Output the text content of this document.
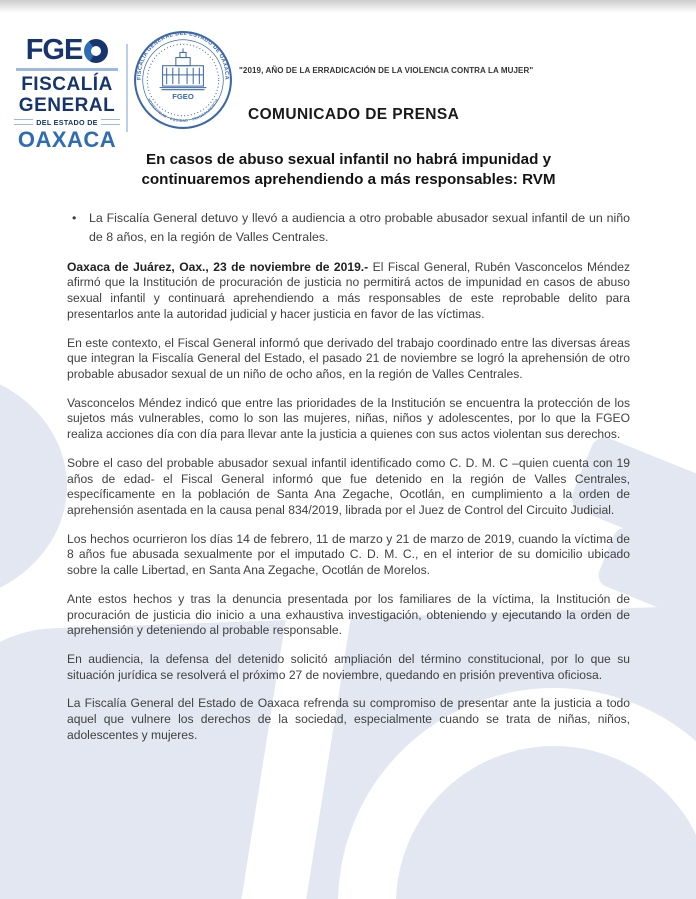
FGE
FISCALÍA
GENERAL
DEL ESTADO DE
OAXACA
FISCALÍA GENERAL DEL ESTADO DE OAXACA
HONESTIDAD · EQUIDAD · TRANSPARENCIA
FGEO
"2019, AÑO DE LA ERRADICACIÓN DE LA VIOLENCIA CONTRA LA MUJER"
COMUNICADO DE PRENSA
En casos de abuso sexual infantil no habrá impunidad y
continuaremos aprehendiendo a más responsables: RVM
•	La Fiscalía General detuvo y llevó a audiencia a otro probable abusador sexual infantil de un niño de 8 años, en la región de Valles Centrales.

Oaxaca de Juárez, Oax., 23 de noviembre de 2019.- El Fiscal General, Rubén Vasconcelos Méndez afirmó que la Institución de procuración de justicia no permitirá actos de impunidad en casos de abuso sexual infantil y continuará aprehendiendo a más responsables de este reprobable delito para presentarlos ante la autoridad judicial y hacer justicia en favor de las víctimas.

En este contexto, el Fiscal General informó que derivado del trabajo coordinado entre las diversas áreas que integran la Fiscalía General del Estado, el pasado 21 de noviembre se logró la aprehensión de otro probable abusador sexual de un niño de ocho años, en la región de Valles Centrales.

Vasconcelos Méndez indicó que entre las prioridades de la Institución se encuentra la protección de los sujetos más vulnerables, como lo son las mujeres, niñas, niños y adolescentes, por lo que la FGEO realiza acciones día con día para llevar ante la justicia a quienes con sus actos violentan sus derechos.

Sobre el caso del probable abusador sexual infantil identificado como C. D. M. C –quien cuenta con 19 años de edad- el Fiscal General informó que fue detenido en la región de Valles Centrales, específicamente en la población de Santa Ana Zegache, Ocotlán, en cumplimiento a la orden de aprehensión asentada en la causa penal 834/2019, librada por el Juez de Control del Circuito Judicial.

Los hechos ocurrieron los días 14 de febrero, 11 de marzo y 21 de marzo de 2019, cuando la víctima de 8 años fue abusada sexualmente por el imputado C. D. M. C., en el interior de su domicilio ubicado sobre la calle Libertad, en Santa Ana Zegache, Ocotlán de Morelos.

Ante estos hechos y tras la denuncia presentada por los familiares de la víctima, la Institución de procuración de justicia dio inicio a una exhaustiva investigación, obteniendo y ejecutando la orden de aprehensión y deteniendo al probable responsable.

En audiencia, la defensa del detenido solicitó ampliación del término constitucional, por lo que su situación jurídica se resolverá el próximo 27 de noviembre, quedando en prisión preventiva oficiosa.

La Fiscalía General del Estado de Oaxaca refrenda su compromiso de presentar ante la justicia a todo aquel que vulnere los derechos de la sociedad, especialmente cuando se trata de niñas, niños, adolescentes y mujeres.
